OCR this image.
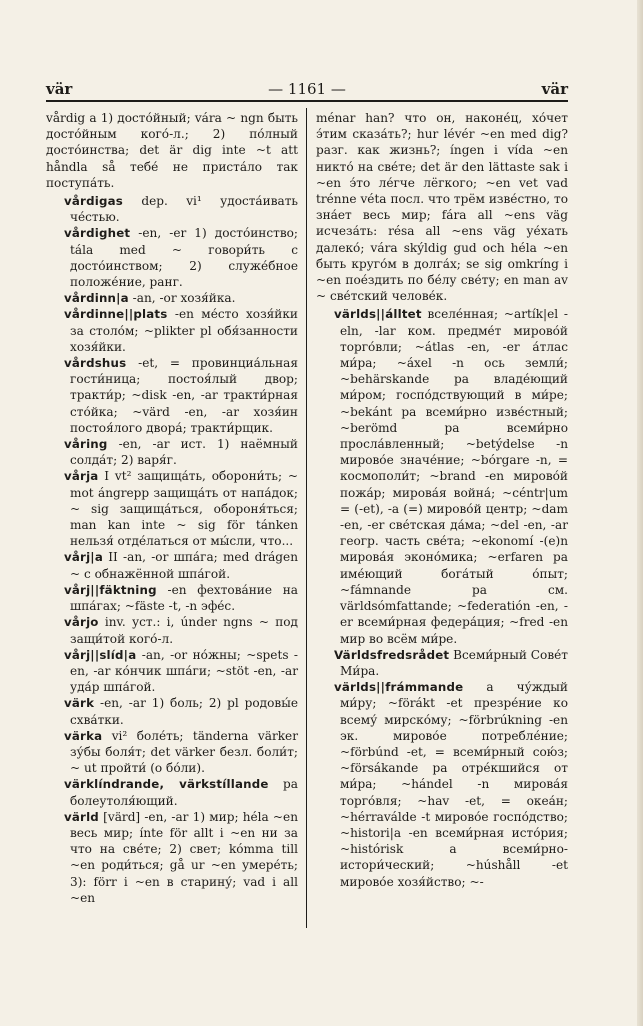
vär	— 1161 —	vär

vårdig a 1) досто́йный; vára ~ ngn быть досто́йным кого́-л.; 2) по́лный досто́инства; det är dig inte ~t att håndla så тебе́ не приста́ло так поступа́ть.

vårdigas dep. vi¹ удоста́ивать че́стью.

vårdighet -en, -er 1) досто́инство; tála med ~ говори́ть с досто́инством; 2) служе́бное положе́ние, ранг.

vårdinn|a -an, -or хозя́йка.

vårdinne||plats -en ме́сто хозя́йки за столо́м; ~plikter pl обя́занности хозя́йки.

vårdshus -et, = провинциа́льная гости́ница; постоя́лый двор; тракти́р; ~disk -en, -ar тракти́рная сто́йка; ~värd -en, -ar хозя́ин постоя́лого двора́; тракти́рщик.

våring -en, -ar ист. 1) наёмный солда́т; 2) варя́г.

vårja I vt² защища́ть, оборони́ть; ~ mot ángrepp защища́ть от напа́док; ~ sig защища́ться, обороня́ться; man kan inte ~ sig för tánken нельзя́ отде́латься от мы́сли, что...

vårj|a II -an, -or шпа́га; med drágen ~ с обнажённой шпа́гой.

vårj||fäktning -en фехтова́ние на шпа́гах; ~fäste -t, -n эфе́с.

vårjo inv. уст.: i, únder ngns ~ под защи́той кого́-л.

vårj||slíd|a -an, -or но́жны; ~spets -en, -ar ко́нчик шпа́ги; ~stöt -en, -ar уда́р шпа́гой.

värk -en, -ar 1) боль; 2) pl родовы́е схва́тки.

värka vi² боле́ть; tänderna värker зу́бы боля́т; det värker безл. боли́т; ~ ut пройти́ (о бо́ли).

värklíndrande, värkstíllande pa болеутоля́ющий.

värld [värd] -en, -ar 1) мир; héla ~en весь мир; ínte för allt i ~en ни за что на све́те; 2) свет; kómma till ~en роди́ться; gå ur ~en умере́ть; 3): förr i ~en в старину́; vad i all ~en

ménar han? что он, наконе́ц, хо́чет э́тим сказа́ть?; hur lévér ~en med dig? разг. как жизнь?; íngen i vída ~en никто́ на све́те; det är den lättaste sak i ~en э́то ле́гче лёгкого; ~en vet vad trénne véta посл. что трём изве́стно, то зна́ет весь мир; fára all ~ens väg исчеза́ть: résa all ~ens väg уе́хать далеко́; vára skýldig gud och héla ~en быть круго́м в долга́х; se sig omkríng i ~en пое́здить по бе́лу све́ту; en man av ~ све́тский челове́к.

världs||álltet вселе́нная; ~artík|el -eln, -lar ком. предме́т мирово́й торго́вли; ~átlas -en, -er а́тлас ми́ра; ~áxel -n ось земли́; ~behärskande pa владе́ющий ми́ром; госпо́дствующий в ми́ре; ~bekánt pa всеми́рно изве́стный; ~berömd pa всеми́рно просла́вленный; ~betýdelse -n мирово́е значе́ние; ~bórgare -n, = космополи́т; ~brand -en мирово́й пожа́р; мирова́я война́; ~céntr|um = (-et), -a (=) мирово́й центр; ~dam -en, -er све́тская да́ма; ~del -en, -ar геогр. часть све́та; ~ekonomí -(e)n мирова́я эконо́мика; ~erfaren pa име́ющий бога́тый о́пыт; ~fámnande pa см. världsómfattande; ~federatión -en, -er всеми́рная федера́ция; ~fred -en мир во всём ми́ре.

Världsfredsrådet Всеми́рный Сове́т Ми́ра.

världs||frámmande a чу́ждый ми́ру; ~förákt -et презре́ние ко всему́ мирско́му; ~förbrúkning -en эк. мирово́е потребле́ние; ~förbúnd -et, = всеми́рный сою́з; ~försákande pa отре́кшийся от ми́ра; ~hándel -n мирова́я торго́вля; ~hav -et, = океа́н; ~hérraválde -t мирово́е госпо́дство; ~histori|a -en всеми́рная исто́рия; ~histórisk a всеми́рно-истори́ческий; ~húshåll -et мирово́е хозя́йство; ~-
